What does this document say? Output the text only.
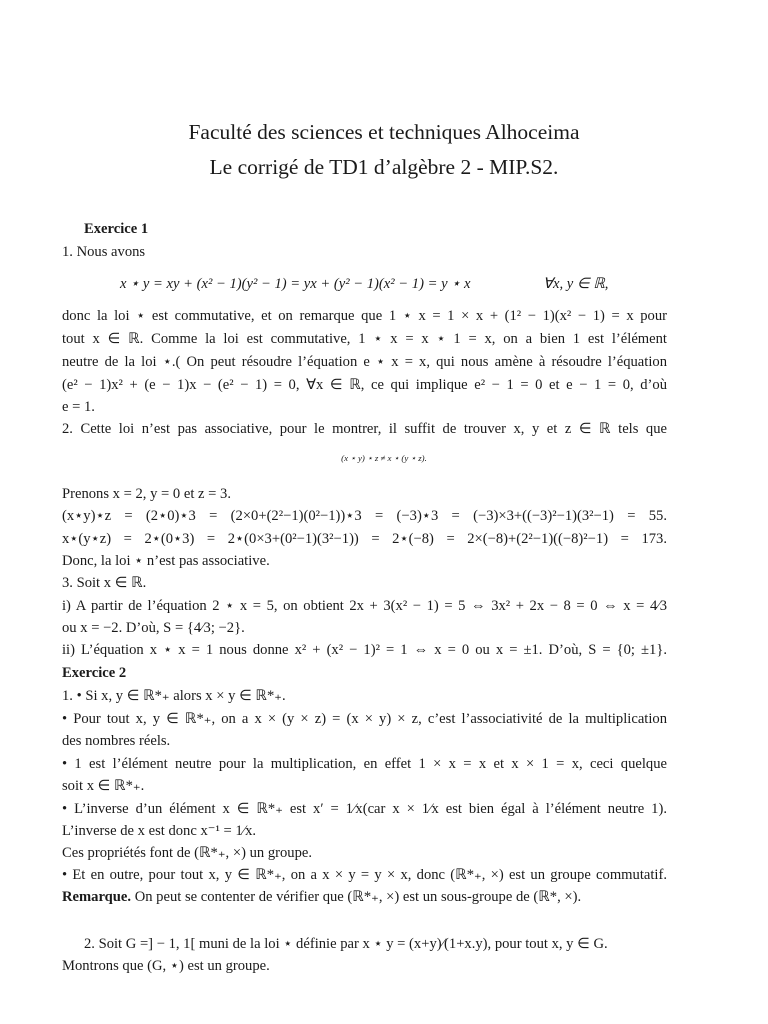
Faculté des sciences et techniques Alhoceima
Le corrigé de TD1 d’algèbre 2 - MIP.S2.
Exercice 1
1. Nous avons
x ⋆ y = xy + (x² − 1)(y² − 1) = yx + (y² − 1)(x² − 1) = y ⋆ x	∀x, y ∈ ℝ,
donc la loi ⋆ est commutative, et on remarque que 1 ⋆ x = 1 × x + (1² − 1)(x² − 1) = x pour
tout x ∈ ℝ. Comme la loi est commutative, 1 ⋆ x = x ⋆ 1 = x, on a bien 1 est l’élément
neutre de la loi ⋆.( On peut résoudre l’équation e ⋆ x = x, qui nous amène à résoudre l’équation
(e² − 1)x² + (e − 1)x − (e² − 1) = 0, ∀x ∈ ℝ, ce qui implique e² − 1 = 0 et e − 1 = 0, d’où
e = 1.
2. Cette loi n’est pas associative, pour le montrer, il suffit de trouver x, y et z ∈ ℝ tels que
(x ⋆ y) ⋆ z ≠ x ⋆ (y ⋆ z).
Prenons x = 2, y = 0 et z = 3.
(x⋆y)⋆z = (2⋆0)⋆3 = (2×0+(2²−1)(0²−1))⋆3 = (−3)⋆3 = (−3)×3+((−3)²−1)(3²−1) = 55.
x⋆(y⋆z) = 2⋆(0⋆3) = 2⋆(0×3+(0²−1)(3²−1)) = 2⋆(−8) = 2×(−8)+(2²−1)((−8)²−1) = 173.
Donc, la loi ⋆ n’est pas associative.
3. Soit x ∈ ℝ.
i) A partir de l’équation 2 ⋆ x = 5, on obtient 2x + 3(x² − 1) = 5 ⇔ 3x² + 2x − 8 = 0 ⇔ x = 4⁄3
ou x = −2. D’où, S = {4⁄3; −2}.
ii) L’équation x ⋆ x = 1 nous donne x² + (x² − 1)² = 1 ⇔ x = 0 ou x = ±1. D’où, S = {0; ±1}.
Exercice 2
1. • Si x, y ∈ ℝ*₊ alors x × y ∈ ℝ*₊.
• Pour tout x, y ∈ ℝ*₊, on a x × (y × z) = (x × y) × z, c’est l’associativité de la multiplication
des nombres réels.
• 1 est l’élément neutre pour la multiplication, en effet 1 × x = x et x × 1 = x, ceci quelque
soit x ∈ ℝ*₊.
• L’inverse d’un élément x ∈ ℝ*₊ est x′ = 1⁄x(car x × 1⁄x est bien égal à l’élément neutre 1).
L’inverse de x est donc x⁻¹ = 1⁄x.
Ces propriétés font de (ℝ*₊, ×) un groupe.
• Et en outre, pour tout x, y ∈ ℝ*₊, on a x × y = y × x, donc (ℝ*₊, ×) est un groupe commutatif.
Remarque. On peut se contenter de vérifier que (ℝ*₊, ×) est un sous-groupe de (ℝ*, ×).
2. Soit G =] − 1, 1[ muni de la loi ⋆ définie par x ⋆ y = (x+y)⁄(1+x.y), pour tout x, y ∈ G.
Montrons que (G, ⋆) est un groupe.
